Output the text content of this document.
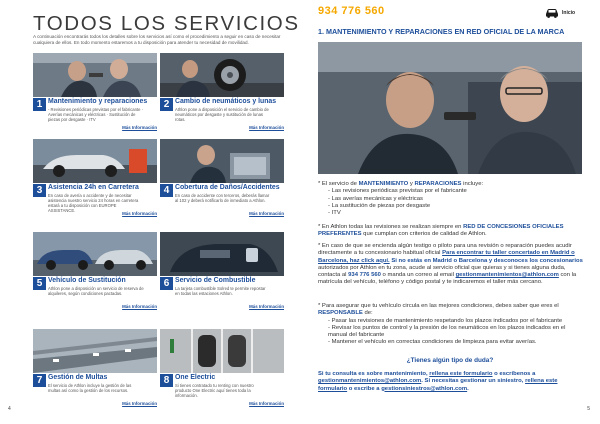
TODOS LOS SERVICIOS

A continuación encontrarás todos los detalles sobre los servicios así como el procedimiento a seguir en caso de necesitar cualquiera de ellos. En todo momento estaremos a tu disposición para atender tu necesidad de movilidad.

1 Mantenimiento y reparaciones
- Revisiones periódicas previstas por el fabricante · Averías mecánicas y eléctricas · Sustitución de piezas por desgaste · ITV
Más Información
2 Cambio de neumáticos y lunas
Athlon pone a disposición el servicio de cambio de neumáticos por desgaste y sustitución de lunas rotas.
Más Información
3 Asistencia 24h en Carretera
En caso de avería o accidente y de necesitar asistencia nuestro servicio 24 horas en carretera estará a tu disposición con EUROPE ASSISTANCE.
Más Información
4 Cobertura de Daños/Accidentes
En caso de accidente con terceros, deberás llamar al 102 y deberá notificarlo de inmediato a Athlon.
Más Información
5 Vehículo de Sustitución
Athlon pone a disposición un servicio de reserva de alquileres, según condiciones pactadas.
Más Información
6 Servicio de Combustible
La tarjeta combustible Solred te permite repostar en todas las estaciones Athlon.
Más Información
7 Gestión de Multas
El servicio de Athlon incluye la gestión de las multas así como la gestión de los recursos.
Más Información
8 One Electric
Si tienes contratado tu renting con nuestro producto One Electric aquí tienes toda la información.
Más Información
4
934 776 560	Inicio
1. MANTENIMIENTO Y REPARACIONES EN RED OFICIAL DE LA MARCA
* El servicio de MANTENIMIENTO y REPARACIONES incluye:
- Las revisiones periódicas previstas por el fabricante
- Las averías mecánicas y eléctricas
- La sustitución de piezas por desgaste
- ITV
* En Athlon todas las revisiones se realizan siempre en RED DE CONCESIONES OFICIALES PREFERENTES que cumplan con criterios de calidad de Athlon.
* En caso de que se encienda algún testigo o piloto para una revisión o reparación puedes acudir directamente a tu concesionario habitual oficial Para encontrar tu taller concertado en Madrid o Barcelona, haz click aquí. Si no estás en Madrid o Barcelona y desconoces los concesionarios autorizados por Athlon en tu zona, acude al servicio oficial que quieras y si tienes alguna duda, contacta al 934 776 560 o manda un correo al email gestionmantenimientos@athlon.com con la matrícula del vehículo, teléfono y código postal y te indicaremos el taller más cercano.
* Para asegurar que tu vehículo circula en las mejores condiciones, debes saber que eres el RESPONSABLE de:
- Pasar las revisiones de mantenimiento respetando los plazos indicados por el fabricante
- Revisar los puntos de control y la presión de los neumáticos en los plazos indicados en el manual del fabricante
- Mantener el vehículo en correctas condiciones de limpieza para evitar averías.
¿Tienes algún tipo de duda?
Si tu consulta es sobre mantenimiento, rellena este formulario o escríbenos a gestionmantenimientos@athlon.com. Si necesitas gestionar un siniestro, rellena este formulario o escribe a gestionsiniestros@athlon.com.
5
